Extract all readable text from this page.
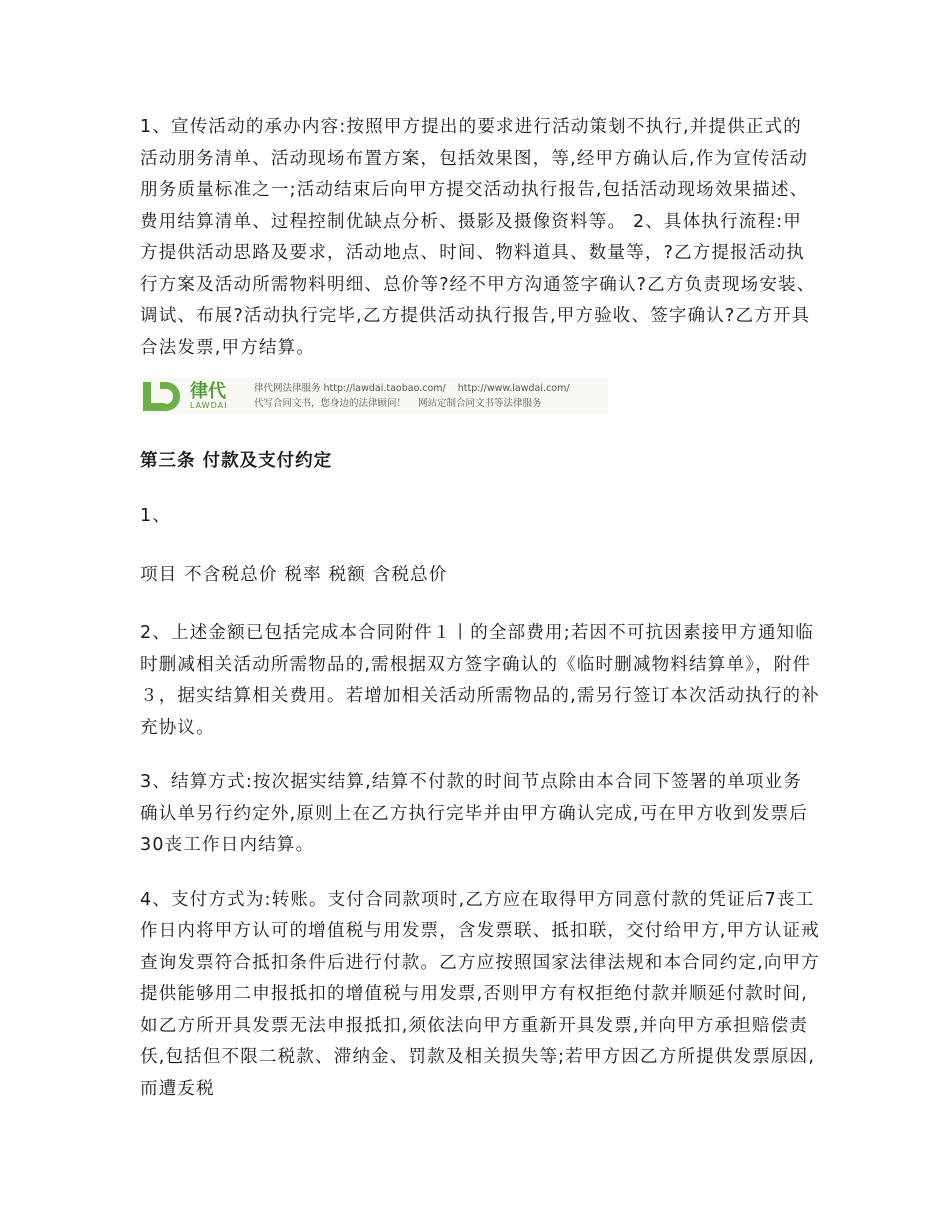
1、宣传活动的承办内容:按照甲方提出的要求进行活动策刬不执行,并提供正式的活动朋务清单、活动现场布置方案，包括效果图，等,经甲方确认后,作为宣传活动朋务质量标准之一;活动结束后向甲方提交活动执行报告,包括活动现场效果描述、费用结算清单、过程控制优缺点分析、摄影及摄像资料等。 2、具体执行流程:甲方提供活动思路及要求，活动地点、时间、物料道具、数量等，?乙方提报活动执行方案及活动所需物料明细、总价等?经不甲方沟通签字确认?乙方负责现场安装、调试、布展?活动执行完毕,乙方提供活动执行报告,甲方验收、签字确认?乙方开具合法发票,甲方结算。

律代
LAWDAI
律代网法律服务 http://lawdai.taobao.com/ http://www.lawdai.com/
代写合同文书，您身边的法律顾问！ 网站定制合同文书等法律服务
第三条 付款及支付约定

1、

项目 不含税总价 税率 税额 含税总价

2、上述金额已包括完成本合同附件１丨的全部费用;若因不可抗因素接甲方通知临时删减相关活动所需物品的,需根据双方签字确认的《临时删减物料结算单》，附件３，据实结算相关费用。若增加相关活动所需物品的,需另行签订本次活动执行的补充协议。

3、结算方式:按次据实结算,结算不付款的时间节点除由本合同下签署的单项业务确认单另行约定外,原则上在乙方执行完毕并由甲方确认完成,丏在甲方收到发票后30丧工作日内结算。

4、支付方式为:转账。支付合同款项时,乙方应在取得甲方同意付款的凭证后7丧工作日内将甲方认可的增值税与用发票，含发票联、抵扣联，交付给甲方,甲方认证戒查询发票符合抵扣条件后进行付款。乙方应按照国家法律法规和本合同约定,向甲方提供能够用二申报抵扣的增值税与用发票,否则甲方有权拒绝付款并顺延付款时间,如乙方所开具发票无法申报抵扣,须依法向甲方重新开具发票,并向甲方承担赔偿责仸,包括但不限二税款、滞纳金、罚款及相关损失等;若甲方因乙方所提供发票原因,而遭叐税
